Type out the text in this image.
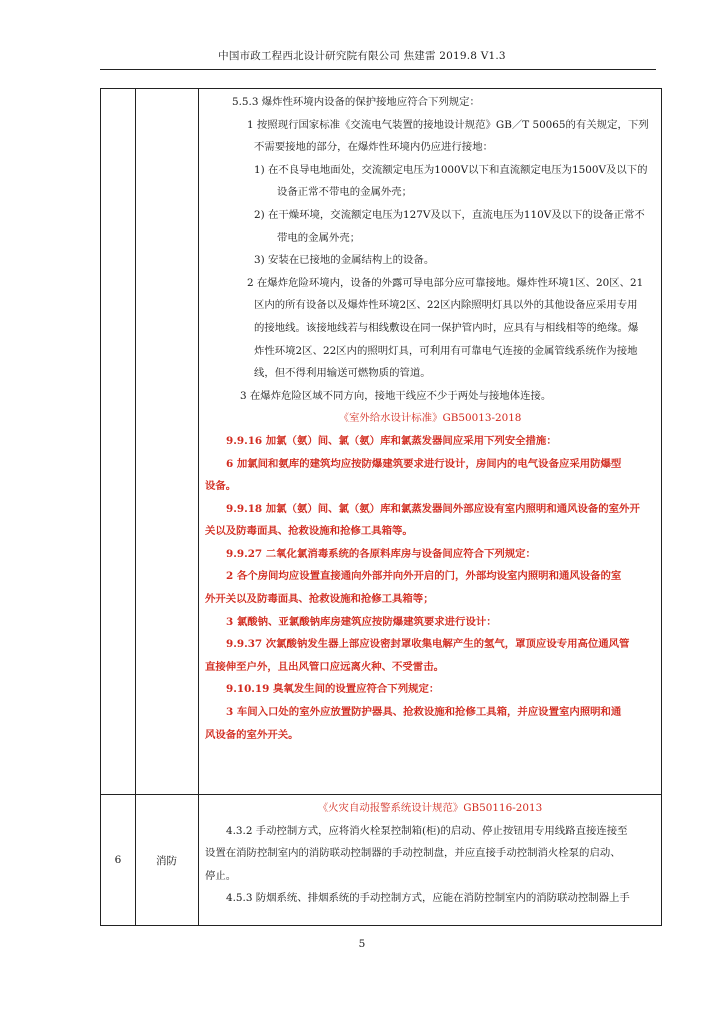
中国市政工程西北设计研究院有限公司 焦建雷 2019.8 V1.3
6	消防

5.5.3 爆炸性环境内设备的保护接地应符合下列规定：

1 按照现行国家标准《交流电气装置的接地设计规范》GB／T 50065的有关规定，下列

不需要接地的部分，在爆炸性环境内仍应进行接地：

1) 在不良导电地面处，交流额定电压为1000V以下和直流额定电压为1500V及以下的

设备正常不带电的金属外壳；

2) 在干燥环境，交流额定电压为127V及以下，直流电压为110V及以下的设备正常不

带电的金属外壳；

3) 安装在已接地的金属结构上的设备。

2 在爆炸危险环境内，设备的外露可导电部分应可靠接地。爆炸性环境1区、20区、21

区内的所有设备以及爆炸性环境2区、22区内除照明灯具以外的其他设备应采用专用

的接地线。该接地线若与相线敷设在同一保护管内时，应具有与相线相等的绝缘。爆

炸性环境2区、22区内的照明灯具，可利用有可靠电气连接的金属管线系统作为接地

线，但不得利用输送可燃物质的管道。

3 在爆炸危险区域不同方向，接地干线应不少于两处与接地体连接。

《室外给水设计标准》GB50013-2018

9.9.16 加氯（氨）间、氯（氨）库和氯蒸发器间应采用下列安全措施：

6 加氯间和氨库的建筑均应按防爆建筑要求进行设计，房间内的电气设备应采用防爆型

设备。

9.9.18 加氯（氨）间、氯（氨）库和氯蒸发器间外部应设有室内照明和通风设备的室外开

关以及防毒面具、抢救设施和抢修工具箱等。

9.9.27 二氧化氯消毒系统的各原料库房与设备间应符合下列规定：

2 各个房间均应设置直接通向外部并向外开启的门，外部均设室内照明和通风设备的室

外开关以及防毒面具、抢救设施和抢修工具箱等；

3 氯酸钠、亚氯酸钠库房建筑应按防爆建筑要求进行设计：

9.9.37 次氯酸钠发生器上部应设密封罩收集电解产生的氢气，罩顶应设专用高位通风管

直接伸至户外，且出风管口应远离火种、不受雷击。

9.10.19 臭氧发生间的设置应符合下列规定：

3 车间入口处的室外应放置防护器具、抢救设施和抢修工具箱，并应设置室内照明和通

风设备的室外开关。

《火灾自动报警系统设计规范》GB50116-2013

4.3.2 手动控制方式，应将消火栓泵控制箱(柜)的启动、停止按钮用专用线路直接连接至

设置在消防控制室内的消防联动控制器的手动控制盘，并应直接手动控制消火栓泵的启动、

停止。

4.5.3 防烟系统、排烟系统的手动控制方式，应能在消防控制室内的消防联动控制器上手

5
